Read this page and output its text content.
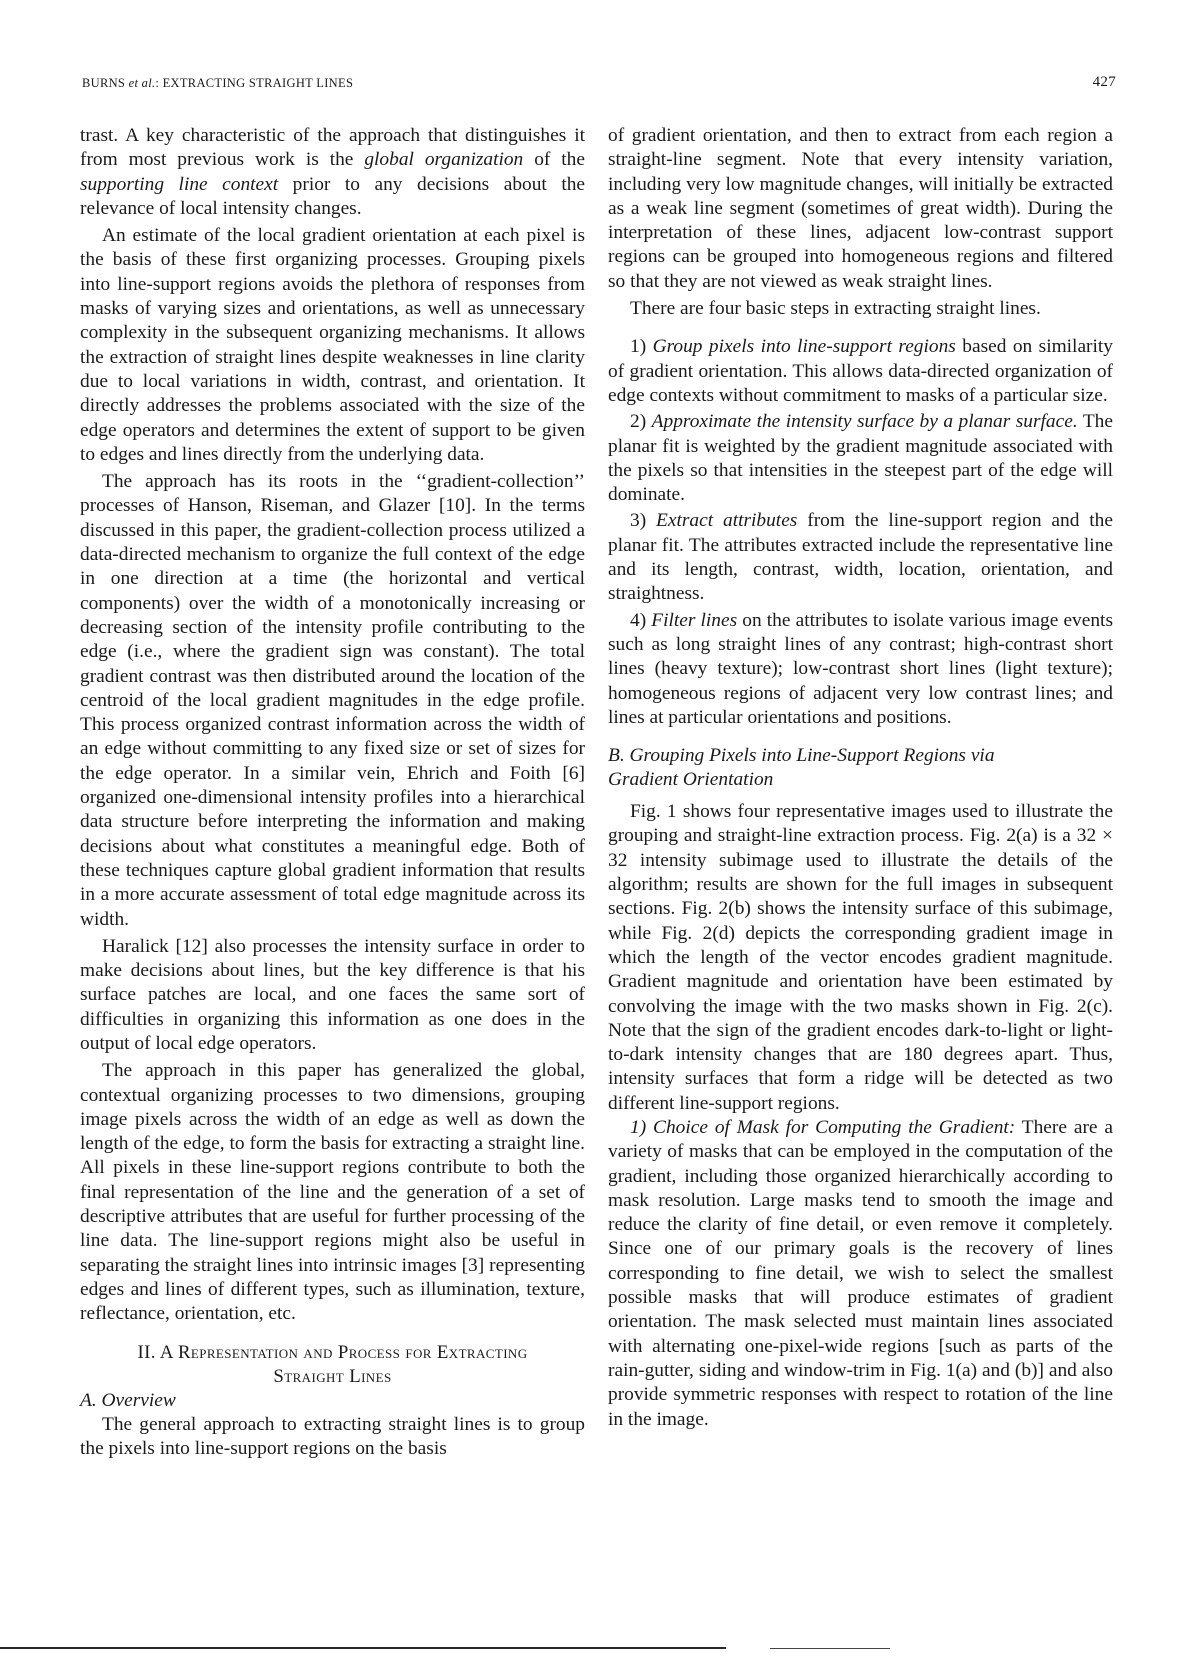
BURNS et al.: EXTRACTING STRAIGHT LINES	427

trast. A key characteristic of the approach that distinguishes it from most previous work is the global organization of the supporting line context prior to any decisions about the relevance of local intensity changes.

An estimate of the local gradient orientation at each pixel is the basis of these first organizing processes. Grouping pixels into line-support regions avoids the plethora of responses from masks of varying sizes and orientations, as well as unnecessary complexity in the subsequent organizing mechanisms. It allows the extraction of straight lines despite weaknesses in line clarity due to local variations in width, contrast, and orientation. It directly addresses the problems associated with the size of the edge operators and determines the extent of support to be given to edges and lines directly from the underlying data.

The approach has its roots in the ‘‘gradient-collection’’ processes of Hanson, Riseman, and Glazer [10]. In the terms discussed in this paper, the gradient-collection process utilized a data-directed mechanism to organize the full context of the edge in one direction at a time (the horizontal and vertical components) over the width of a monotonically increasing or decreasing section of the intensity profile contributing to the edge (i.e., where the gradient sign was constant). The total gradient contrast was then distributed around the location of the centroid of the local gradient magnitudes in the edge profile. This process organized contrast information across the width of an edge without committing to any fixed size or set of sizes for the edge operator. In a similar vein, Ehrich and Foith [6] organized one-dimensional intensity profiles into a hierarchical data structure before interpreting the information and making decisions about what constitutes a meaningful edge. Both of these techniques capture global gradient information that results in a more accurate assessment of total edge magnitude across its width.

Haralick [12] also processes the intensity surface in order to make decisions about lines, but the key difference is that his surface patches are local, and one faces the same sort of difficulties in organizing this information as one does in the output of local edge operators.

The approach in this paper has generalized the global, contextual organizing processes to two dimensions, grouping image pixels across the width of an edge as well as down the length of the edge, to form the basis for extracting a straight line. All pixels in these line-support regions contribute to both the final representation of the line and the generation of a set of descriptive attributes that are useful for further processing of the line data. The line-support regions might also be useful in separating the straight lines into intrinsic images [3] representing edges and lines of different types, such as illumination, texture, reflectance, orientation, etc.

II. A Representation and Process for Extracting
Straight Lines
A. Overview

The general approach to extracting straight lines is to group the pixels into line-support regions on the basis

of gradient orientation, and then to extract from each region a straight-line segment. Note that every intensity variation, including very low magnitude changes, will initially be extracted as a weak line segment (sometimes of great width). During the interpretation of these lines, adjacent low-contrast support regions can be grouped into homogeneous regions and filtered so that they are not viewed as weak straight lines.

There are four basic steps in extracting straight lines.

1) Group pixels into line-support regions based on similarity of gradient orientation. This allows data-directed organization of edge contexts without commitment to masks of a particular size.

2) Approximate the intensity surface by a planar surface. The planar fit is weighted by the gradient magnitude associated with the pixels so that intensities in the steepest part of the edge will dominate.

3) Extract attributes from the line-support region and the planar fit. The attributes extracted include the representative line and its length, contrast, width, location, orientation, and straightness.

4) Filter lines on the attributes to isolate various image events such as long straight lines of any contrast; high-contrast short lines (heavy texture); low-contrast short lines (light texture); homogeneous regions of adjacent very low contrast lines; and lines at particular orientations and positions.

B. Grouping Pixels into Line-Support Regions via
Gradient Orientation

Fig. 1 shows four representative images used to illustrate the grouping and straight-line extraction process. Fig. 2(a) is a 32 × 32 intensity subimage used to illustrate the details of the algorithm; results are shown for the full images in subsequent sections. Fig. 2(b) shows the intensity surface of this subimage, while Fig. 2(d) depicts the corresponding gradient image in which the length of the vector encodes gradient magnitude. Gradient magnitude and orientation have been estimated by convolving the image with the two masks shown in Fig. 2(c). Note that the sign of the gradient encodes dark-to-light or light-to-dark intensity changes that are 180 degrees apart. Thus, intensity surfaces that form a ridge will be detected as two different line-support regions.

1) Choice of Mask for Computing the Gradient: There are a variety of masks that can be employed in the computation of the gradient, including those organized hierarchically according to mask resolution. Large masks tend to smooth the image and reduce the clarity of fine detail, or even remove it completely. Since one of our primary goals is the recovery of lines corresponding to fine detail, we wish to select the smallest possible masks that will produce estimates of gradient orientation. The mask selected must maintain lines associated with alternating one-pixel-wide regions [such as parts of the rain-gutter, siding and window-trim in Fig. 1(a) and (b)] and also provide symmetric responses with respect to rotation of the line in the image.
